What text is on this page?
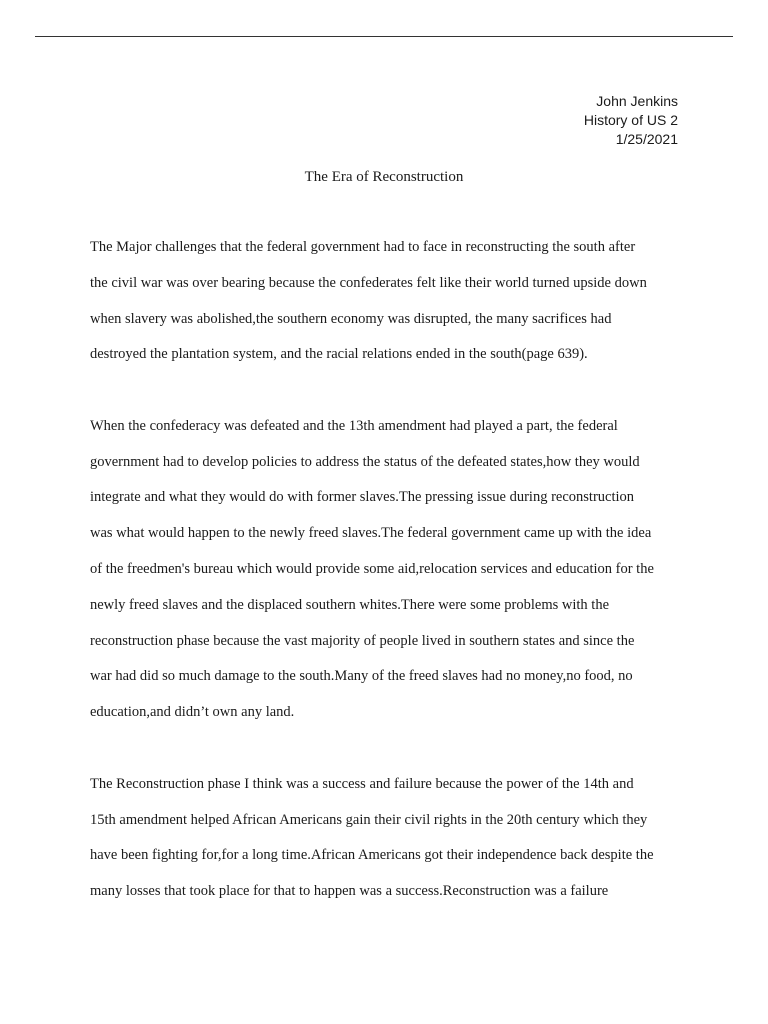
John Jenkins
History of US 2
1/25/2021
The Era of Reconstruction

The Major challenges that the federal government had to face in reconstructing the south after
the civil war was over bearing because the confederates felt like their world turned upside down
when slavery was abolished,the southern economy was disrupted, the many sacrifices had
destroyed the plantation system, and the racial relations ended in the south(page 639).

When the confederacy was defeated and the 13th amendment had played a part, the federal
government had to develop policies to address the status of the defeated states,how they would
integrate and what they would do with former slaves.The pressing issue during reconstruction
was what would happen to the newly freed slaves.The federal government came up with the idea
of the freedmen's bureau which would provide some aid,relocation services and education for the
newly freed slaves and the displaced southern whites.There were some problems with the
reconstruction phase because the vast majority of people lived in southern states and since the
war had did so much damage to the south.Many of the freed slaves had no money,no food, no
education,and didn’t own any land.

The Reconstruction phase I think was a success and failure because the power of the 14th and
15th amendment helped African Americans gain their civil rights in the 20th century which they
have been fighting for,for a long time.African Americans got their independence back despite the
many losses that took place for that to happen was a success.Reconstruction was a failure
